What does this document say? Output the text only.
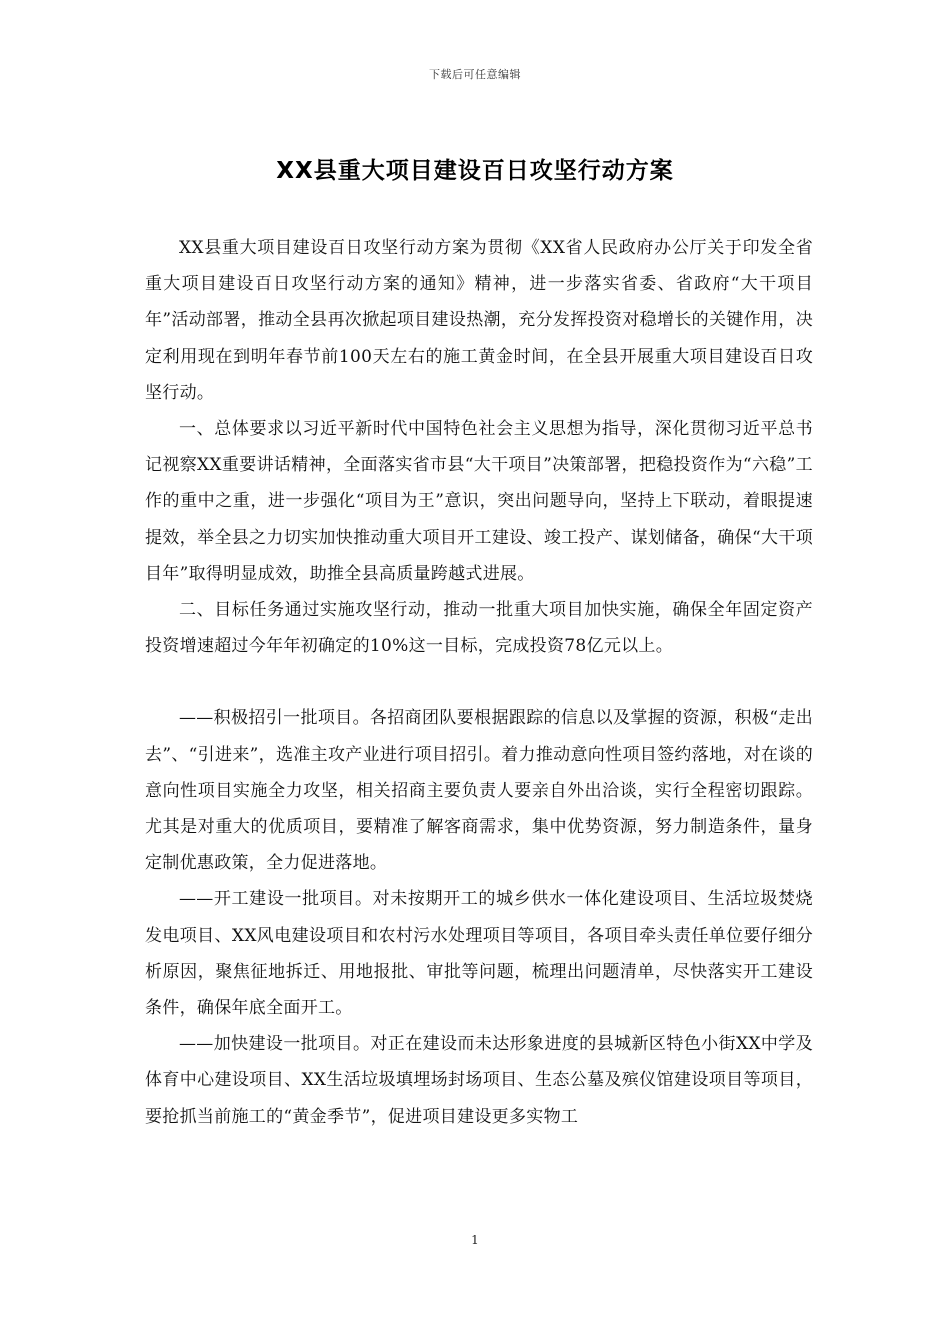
下载后可任意编辑
XX县重大项目建设百日攻坚行动方案

XX县重大项目建设百日攻坚行动方案为贯彻《XX省人民政府办公厅关于印发全省重大项目建设百日攻坚行动方案的通知》精神，进一步落实省委、省政府“大干项目年”活动部署，推动全县再次掀起项目建设热潮，充分发挥投资对稳增长的关键作用，决定利用现在到明年春节前100天左右的施工黄金时间，在全县开展重大项目建设百日攻坚行动。

一、总体要求以习近平新时代中国特色社会主义思想为指导，深化贯彻习近平总书记视察XX重要讲话精神，全面落实省市县“大干项目”决策部署，把稳投资作为“六稳”工作的重中之重，进一步强化“项目为王”意识，突出问题导向，坚持上下联动，着眼提速提效，举全县之力切实加快推动重大项目开工建设、竣工投产、谋划储备，确保“大干项目年”取得明显成效，助推全县高质量跨越式进展。

二、目标任务通过实施攻坚行动，推动一批重大项目加快实施，确保全年固定资产投资增速超过今年年初确定的10%这一目标，完成投资78亿元以上。

——积极招引一批项目。各招商团队要根据跟踪的信息以及掌握的资源，积极“走出去”、“引进来”，选准主攻产业进行项目招引。着力推动意向性项目签约落地，对在谈的意向性项目实施全力攻坚，相关招商主要负责人要亲自外出洽谈，实行全程密切跟踪。尤其是对重大的优质项目，要精准了解客商需求，集中优势资源，努力制造条件，量身定制优惠政策，全力促进落地。

——开工建设一批项目。对未按期开工的城乡供水一体化建设项目、生活垃圾焚烧发电项目、XX风电建设项目和农村污水处理项目等项目，各项目牵头责任单位要仔细分析原因，聚焦征地拆迁、用地报批、审批等问题，梳理出问题清单，尽快落实开工建设条件，确保年底全面开工。

——加快建设一批项目。对正在建设而未达形象进度的县城新区特色小街XX中学及体育中心建设项目、XX生活垃圾填埋场封场项目、生态公墓及殡仪馆建设项目等项目，要抢抓当前施工的“黄金季节”，促进项目建设更多实物工

1
